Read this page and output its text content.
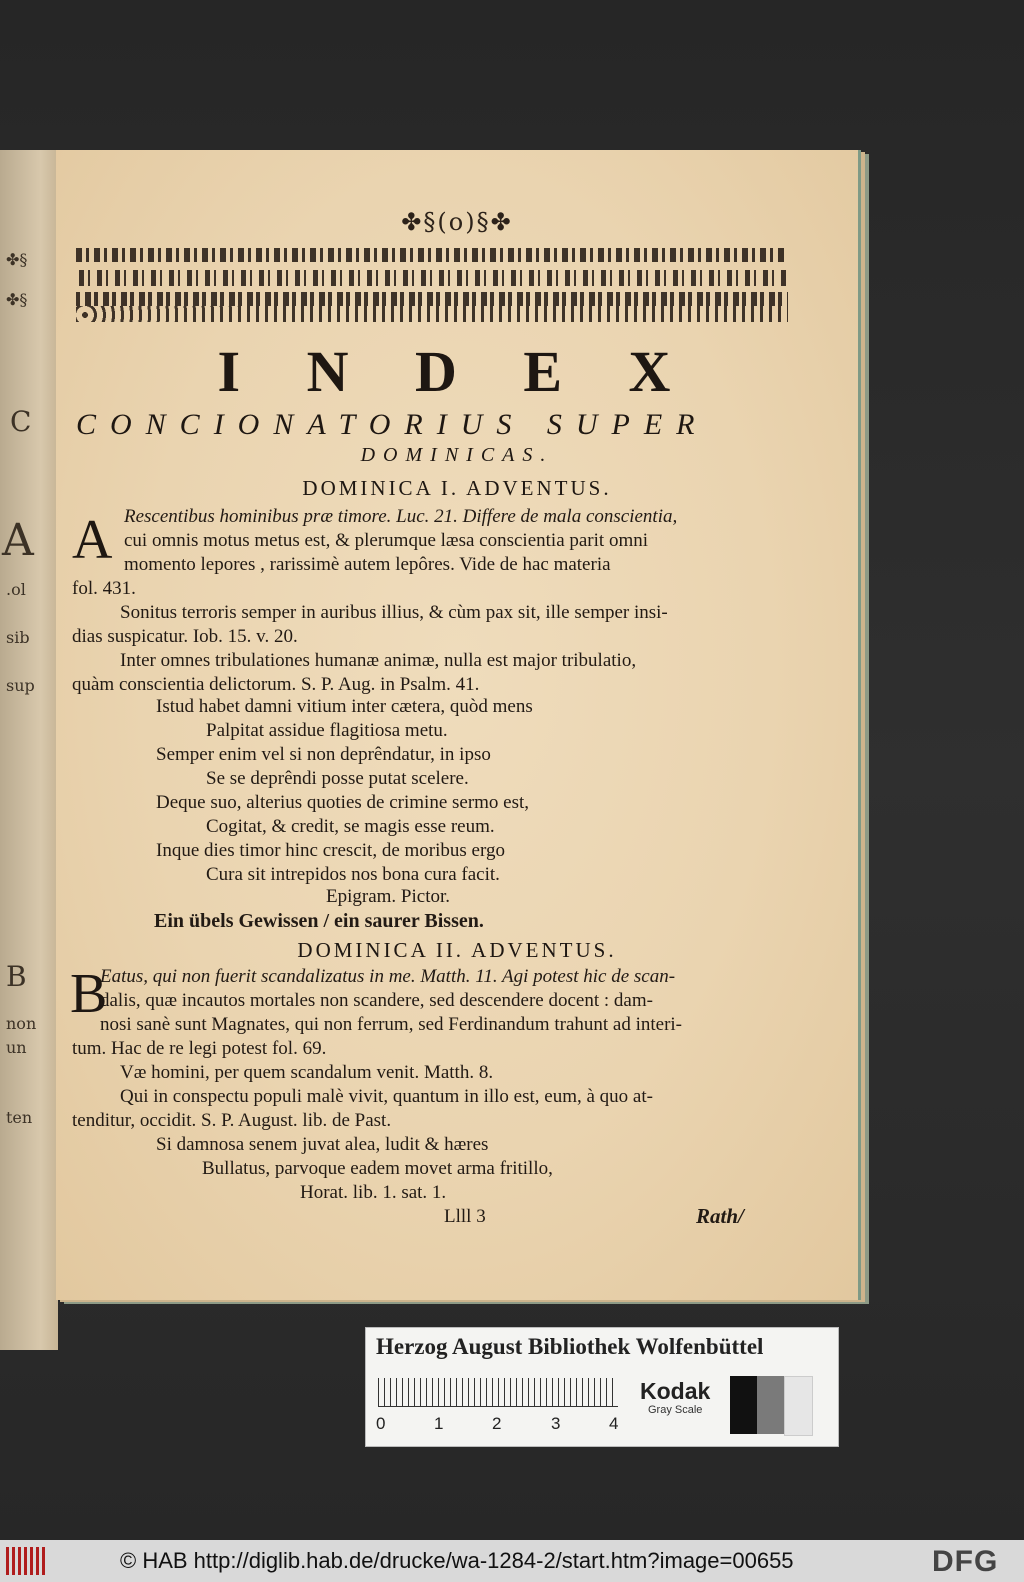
✤§
✤§
C
A
.ol
sib
sup
B
non
un
ten
✤§(o)§✤
I N D E X
CONCIONATORIUS SUPER
DOMINICAS.
DOMINICA I. ADVENTUS.
A Rescentibus hominibus præ timore. Luc. 21. Differe de mala conscientia,
cui omnis motus metus est, & plerumque læsa conscientia parit omni
momento lepores , rarissimè autem lepôres. Vide de hac materia
fol. 431.
Sonitus terroris semper in auribus illius, & cùm pax sit, ille semper insi-
dias suspicatur. Iob. 15. v. 20.
Inter omnes tribulationes humanæ animæ, nulla est major tribulatio,
quàm conscientia delictorum. S. P. Aug. in Psalm. 41.
Istud habet damni vitium inter cætera, quòd mens
Palpitat assidue flagitiosa metu.
Semper enim vel si non deprêndatur, in ipso
Se se deprêndi posse putat scelere.
Deque suo, alterius quoties de crimine sermo est,
Cogitat, & credit, se magis esse reum.
Inque dies timor hinc crescit, de moribus ergo
Cura sit intrepidos nos bona cura facit.
Epigram. Pictor.
Ein übels Gewissen / ein saurer Bissen.
DOMINICA II. ADVENTUS.
B
Eatus, qui non fuerit scandalizatus in me. Matth. 11. Agi potest hic de scan-
dalis, quæ incautos mortales non scandere, sed descendere docent : dam-
nosi sanè sunt Magnates, qui non ferrum, sed Ferdinandum trahunt ad interi-
tum. Hac de re legi potest fol. 69.
Væ homini, per quem scandalum venit. Matth. 8.
Qui in conspectu populi malè vivit, quantum in illo est, eum, à quo at-
tenditur, occidit. S. P. August. lib. de Past.
Si damnosa senem juvat alea, ludit & hæres
Bullatus, parvoque eadem movet arma fritillo,
Horat. lib. 1. sat. 1.
Llll 3	Rath/
Herzog August Bibliothek Wolfenbüttel
0	1	2	3	4
Kodak
Gray Scale
© HAB http://diglib.hab.de/drucke/wa-1284-2/start.htm?image=00655	DFG
